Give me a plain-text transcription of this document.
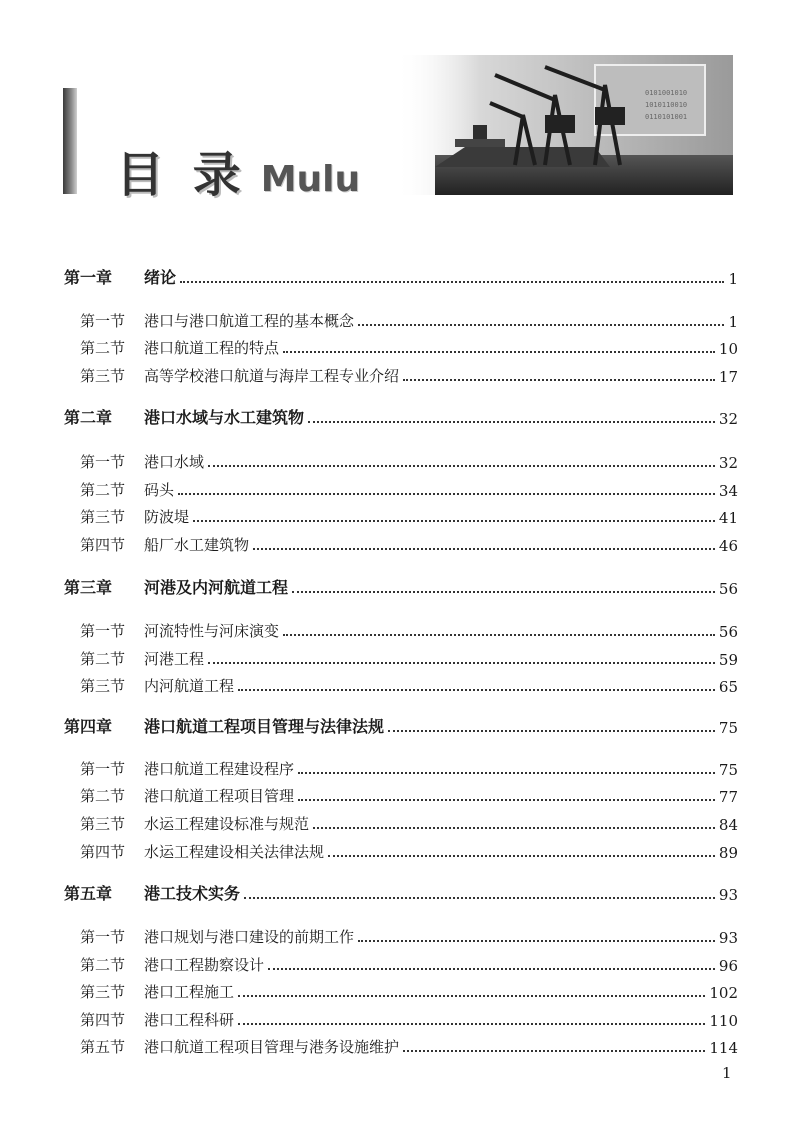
目 录 Mulu
0101001010
1010110010
0110101001
第一章	绪论	1
第一节	港口与港口航道工程的基本概念	1
第二节	港口航道工程的特点	10
第三节	高等学校港口航道与海岸工程专业介绍	17
第二章	港口水域与水工建筑物	32
第一节	港口水域	32
第二节	码头	34
第三节	防波堤	41
第四节	船厂水工建筑物	46
第三章	河港及内河航道工程	56
第一节	河流特性与河床演变	56
第二节	河港工程	59
第三节	内河航道工程	65
第四章	港口航道工程项目管理与法律法规	75
第一节	港口航道工程建设程序	75
第二节	港口航道工程项目管理	77
第三节	水运工程建设标准与规范	84
第四节	水运工程建设相关法律法规	89
第五章	港工技术实务	93
第一节	港口规划与港口建设的前期工作	93
第二节	港口工程勘察设计	96
第三节	港口工程施工	102
第四节	港口工程科研	110
第五节	港口航道工程项目管理与港务设施维护	114
1
